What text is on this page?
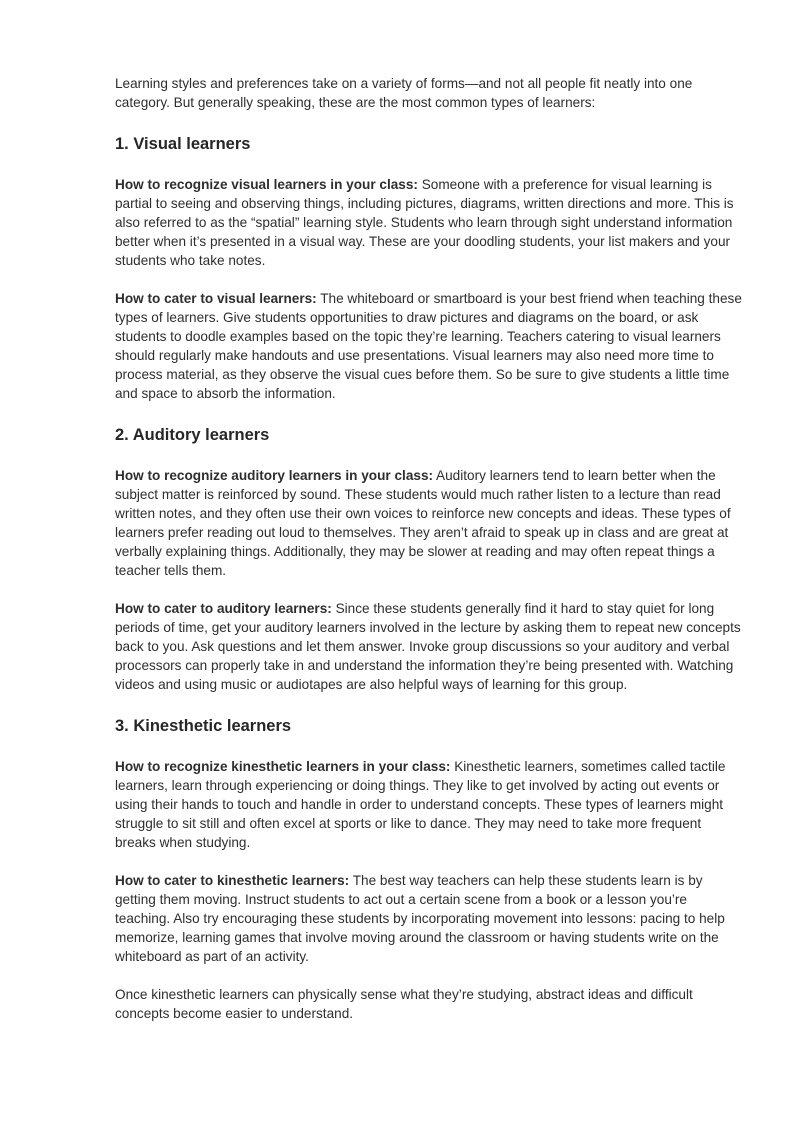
Learning styles and preferences take on a variety of forms—and not all people fit neatly into one category. But generally speaking, these are the most common types of learners:

1. Visual learners

How to recognize visual learners in your class: Someone with a preference for visual learning is partial to seeing and observing things, including pictures, diagrams, written directions and more. This is also referred to as the “spatial” learning style. Students who learn through sight understand information better when it’s presented in a visual way. These are your doodling students, your list makers and your students who take notes.

How to cater to visual learners: The whiteboard or smartboard is your best friend when teaching these types of learners. Give students opportunities to draw pictures and diagrams on the board, or ask students to doodle examples based on the topic they’re learning. Teachers catering to visual learners should regularly make handouts and use presentations. Visual learners may also need more time to process material, as they observe the visual cues before them. So be sure to give students a little time and space to absorb the information.

2. Auditory learners

How to recognize auditory learners in your class: Auditory learners tend to learn better when the subject matter is reinforced by sound. These students would much rather listen to a lecture than read written notes, and they often use their own voices to reinforce new concepts and ideas. These types of learners prefer reading out loud to themselves. They aren’t afraid to speak up in class and are great at verbally explaining things. Additionally, they may be slower at reading and may often repeat things a teacher tells them.

How to cater to auditory learners: Since these students generally find it hard to stay quiet for long periods of time, get your auditory learners involved in the lecture by asking them to repeat new concepts back to you. Ask questions and let them answer. Invoke group discussions so your auditory and verbal processors can properly take in and understand the information they’re being presented with. Watching videos and using music or audiotapes are also helpful ways of learning for this group.

3. Kinesthetic learners

How to recognize kinesthetic learners in your class: Kinesthetic learners, sometimes called tactile learners, learn through experiencing or doing things. They like to get involved by acting out events or using their hands to touch and handle in order to understand concepts. These types of learners might struggle to sit still and often excel at sports or like to dance. They may need to take more frequent breaks when studying.

How to cater to kinesthetic learners: The best way teachers can help these students learn is by getting them moving. Instruct students to act out a certain scene from a book or a lesson you’re teaching. Also try encouraging these students by incorporating movement into lessons: pacing to help memorize, learning games that involve moving around the classroom or having students write on the whiteboard as part of an activity.

Once kinesthetic learners can physically sense what they’re studying, abstract ideas and difficult concepts become easier to understand.
